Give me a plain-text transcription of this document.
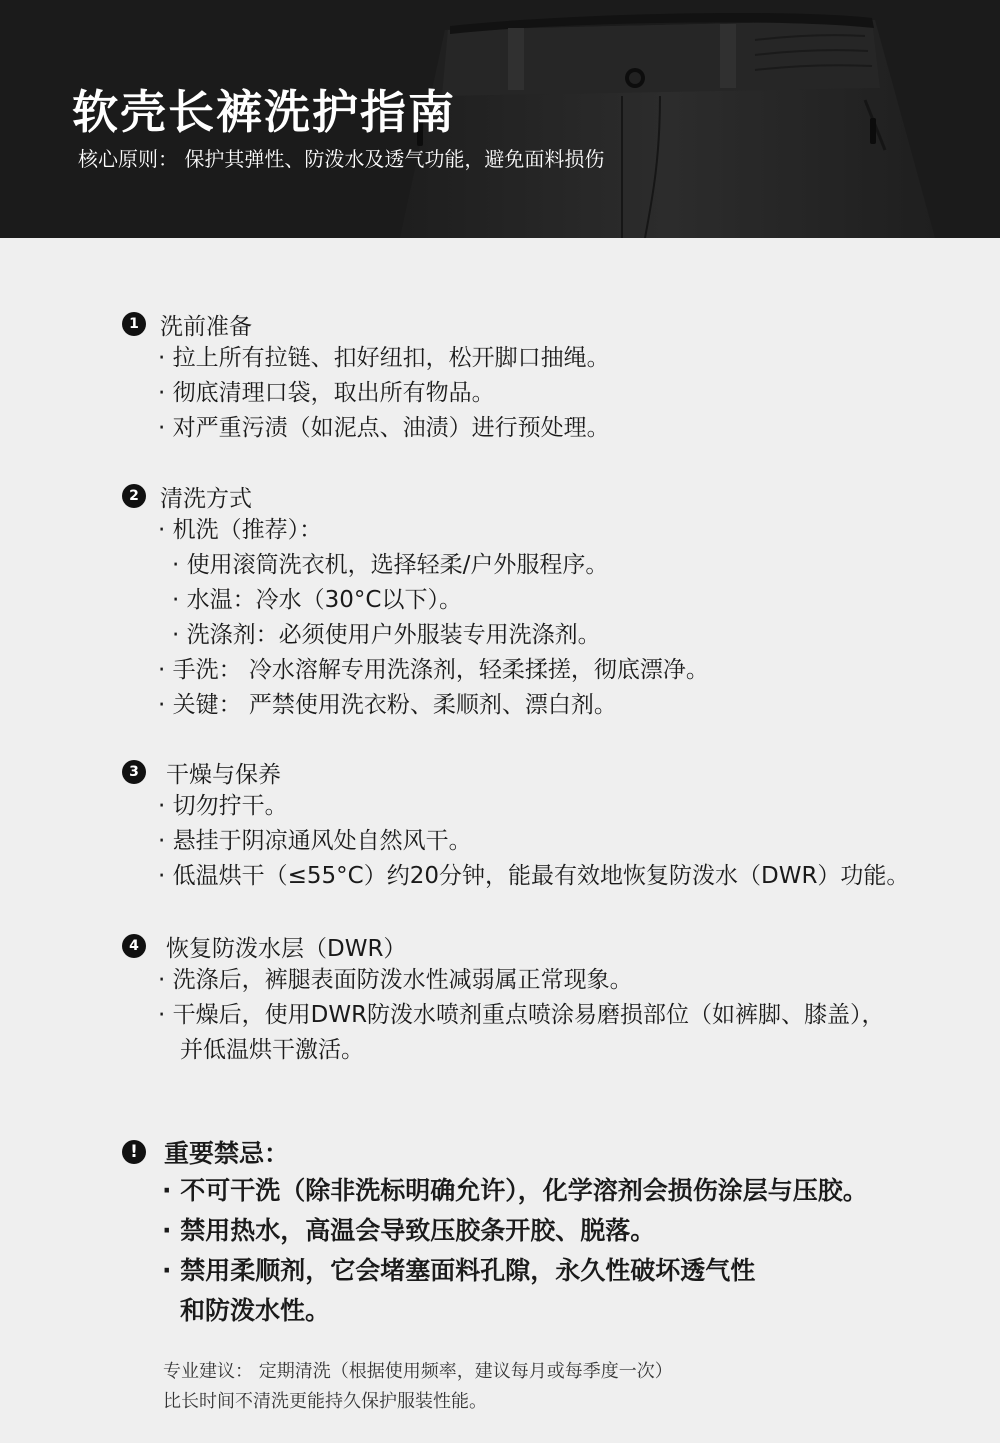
软壳长裤洗护指南

核心原则： 保护其弹性、防泼水及透气功能，避免面料损伤

1 洗前准备
· 拉上所有拉链、扣好纽扣，松开脚口抽绳。
· 彻底清理口袋，取出所有物品。
· 对严重污渍（如泥点、油渍）进行预处理。
2 清洗方式
· 机洗（推荐）：
· 使用滚筒洗衣机，选择轻柔/户外服程序。
· 水温：冷水（30°C以下）。
· 洗涤剂：必须使用户外服装专用洗涤剂。
· 手洗： 冷水溶解专用洗涤剂，轻柔揉搓，彻底漂净。
· 关键： 严禁使用洗衣粉、柔顺剂、漂白剂。
3	干燥与保养
· 切勿拧干。
· 悬挂于阴凉通风处自然风干。
· 低温烘干（≤55°C）约20分钟，能最有效地恢复防泼水（DWR）功能。
4	恢复防泼水层（DWR）
· 洗涤后，裤腿表面防泼水性减弱属正常现象。
· 干燥后，使用DWR防泼水喷剂重点喷涂易磨损部位（如裤脚、膝盖），
并低温烘干激活。
!	重要禁忌：
· 不可干洗（除非洗标明确允许），化学溶剂会损伤涂层与压胶。
· 禁用热水，高温会导致压胶条开胶、脱落。
· 禁用柔顺剂，它会堵塞面料孔隙，永久性破坏透气性
和防泼水性。
专业建议： 定期清洗（根据使用频率，建议每月或每季度一次）
比长时间不清洗更能持久保护服装性能。
